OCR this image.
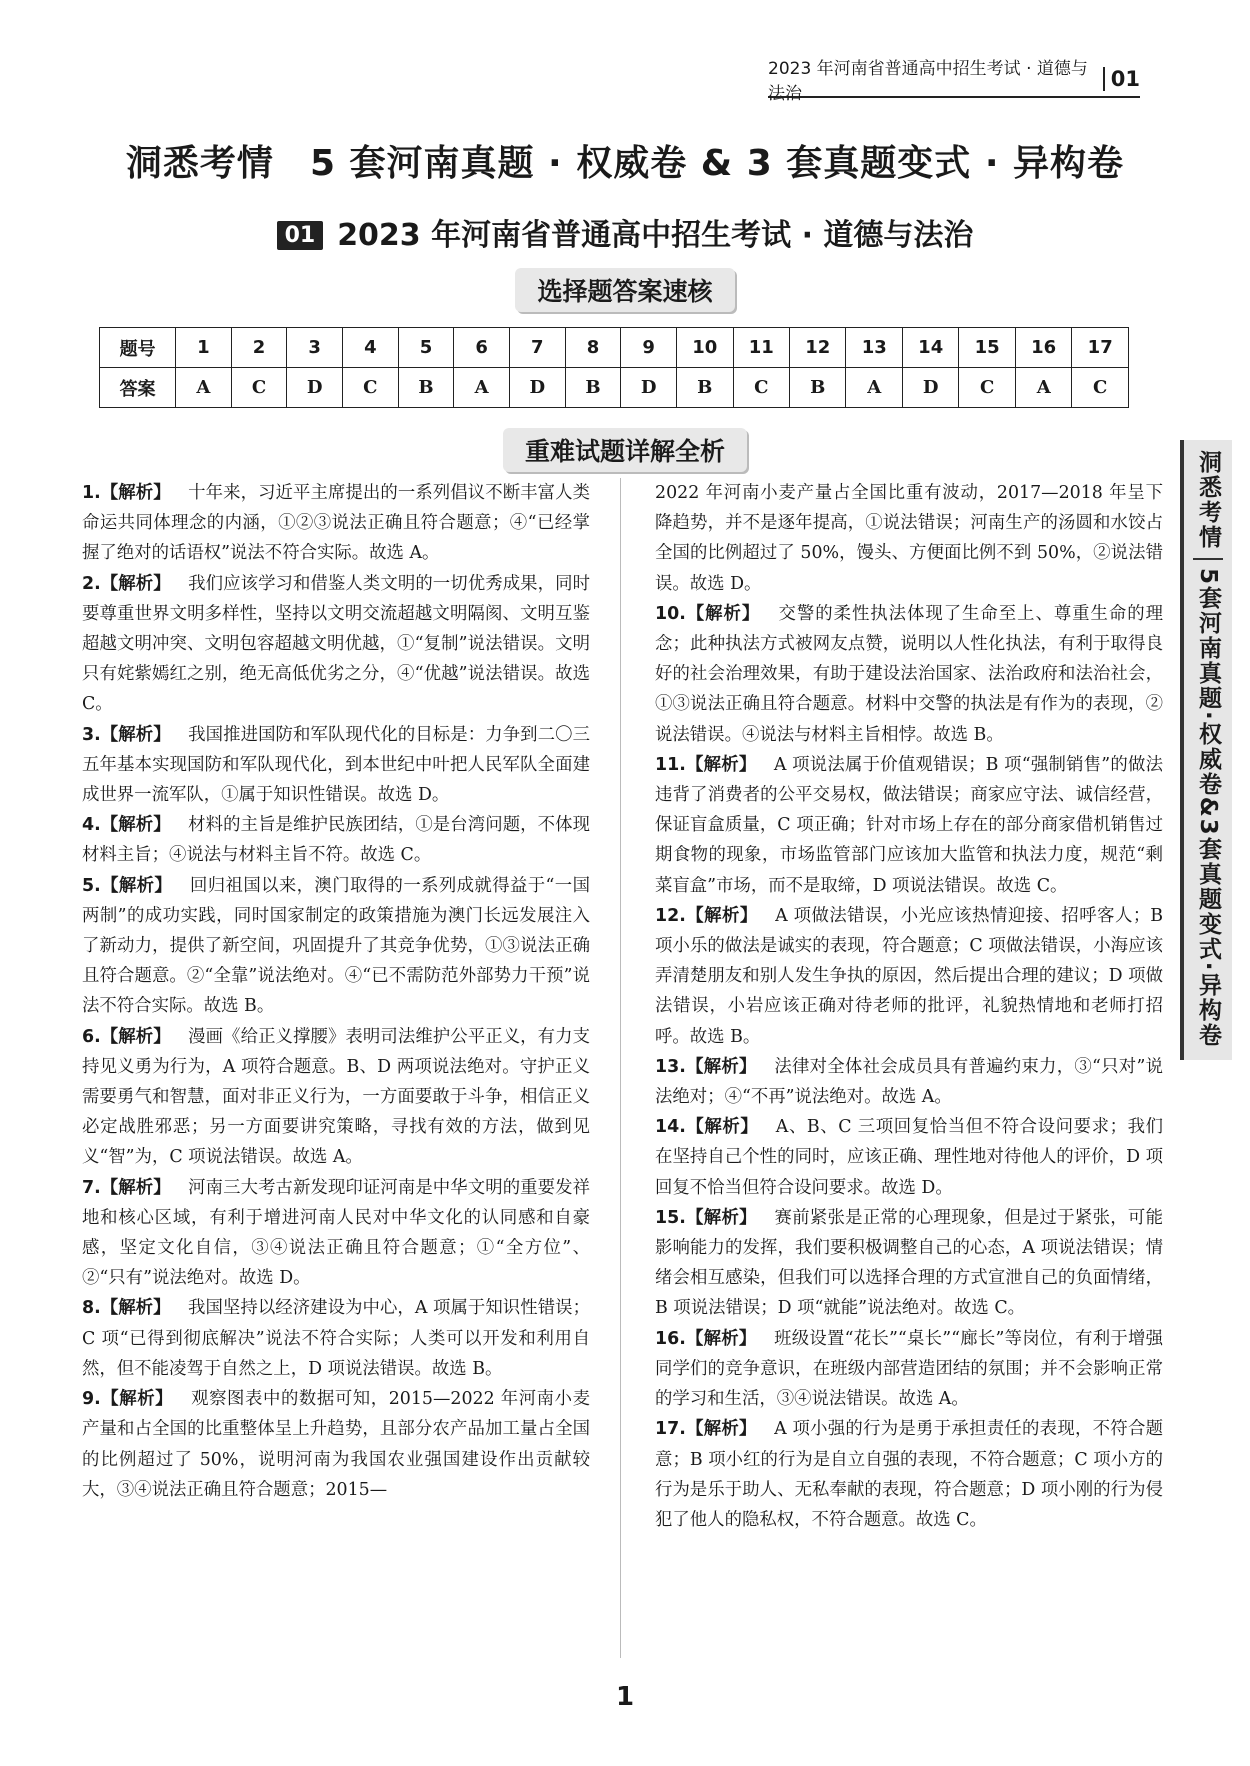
2023 年河南省普通高中招生考试 · 道德与法治
01
洞悉考情 5 套河南真题 · 权威卷 & 3 套真题变式 · 异构卷
01 2023 年河南省普通高中招生考试 · 道德与法治
选择题答案速核
题号	1	2	3	4	5	6	7	8	9	10	11	12	13	14	15	16	17
答案	A	C	D	C	B	A	D	B	D	B	C	B	A	D	C	A	C
重难试题详解全析

1.【解析】  十年来，习近平主席提出的一系列倡议不断丰富人类命运共同体理念的内涵，①②③说法正确且符合题意；④“已经掌握了绝对的话语权”说法不符合实际。故选 A。

2.【解析】  我们应该学习和借鉴人类文明的一切优秀成果，同时要尊重世界文明多样性，坚持以文明交流超越文明隔阂、文明互鉴超越文明冲突、文明包容超越文明优越，①“复制”说法错误。文明只有姹紫嫣红之别，绝无高低优劣之分，④“优越”说法错误。故选 C。

3.【解析】  我国推进国防和军队现代化的目标是：力争到二〇三五年基本实现国防和军队现代化，到本世纪中叶把人民军队全面建成世界一流军队，①属于知识性错误。故选 D。

4.【解析】  材料的主旨是维护民族团结，①是台湾问题，不体现材料主旨；④说法与材料主旨不符。故选 C。

5.【解析】  回归祖国以来，澳门取得的一系列成就得益于“一国两制”的成功实践，同时国家制定的政策措施为澳门长远发展注入了新动力，提供了新空间，巩固提升了其竞争优势，①③说法正确且符合题意。②“全靠”说法绝对。④“已不需防范外部势力干预”说法不符合实际。故选 B。

6.【解析】  漫画《给正义撑腰》表明司法维护公平正义，有力支持见义勇为行为，A 项符合题意。B、D 两项说法绝对。守护正义需要勇气和智慧，面对非正义行为，一方面要敢于斗争，相信正义必定战胜邪恶；另一方面要讲究策略，寻找有效的方法，做到见义“智”为，C 项说法错误。故选 A。

7.【解析】  河南三大考古新发现印证河南是中华文明的重要发祥地和核心区域，有利于增进河南人民对中华文化的认同感和自豪感，坚定文化自信，③④说法正确且符合题意；①“全方位”、②“只有”说法绝对。故选 D。

8.【解析】  我国坚持以经济建设为中心，A 项属于知识性错误；C 项“已得到彻底解决”说法不符合实际；人类可以开发和利用自然，但不能凌驾于自然之上，D 项说法错误。故选 B。

9.【解析】  观察图表中的数据可知，2015—2022 年河南小麦产量和占全国的比重整体呈上升趋势，且部分农产品加工量占全国的比例超过了 50%，说明河南为我国农业强国建设作出贡献较大，③④说法正确且符合题意；2015—

2022 年河南小麦产量占全国比重有波动，2017—2018 年呈下降趋势，并不是逐年提高，①说法错误；河南生产的汤圆和水饺占全国的比例超过了 50%，馒头、方便面比例不到 50%，②说法错误。故选 D。

10.【解析】  交警的柔性执法体现了生命至上、尊重生命的理念；此种执法方式被网友点赞，说明以人性化执法，有利于取得良好的社会治理效果，有助于建设法治国家、法治政府和法治社会，①③说法正确且符合题意。材料中交警的执法是有作为的表现，②说法错误。④说法与材料主旨相悖。故选 B。

11.【解析】  A 项说法属于价值观错误；B 项“强制销售”的做法违背了消费者的公平交易权，做法错误；商家应守法、诚信经营，保证盲盒质量，C 项正确；针对市场上存在的部分商家借机销售过期食物的现象，市场监管部门应该加大监管和执法力度，规范“剩菜盲盒”市场，而不是取缔，D 项说法错误。故选 C。

12.【解析】  A 项做法错误，小光应该热情迎接、招呼客人；B 项小乐的做法是诚实的表现，符合题意；C 项做法错误，小海应该弄清楚朋友和别人发生争执的原因，然后提出合理的建议；D 项做法错误，小岩应该正确对待老师的批评，礼貌热情地和老师打招呼。故选 B。

13.【解析】  法律对全体社会成员具有普遍约束力，③“只对”说法绝对；④“不再”说法绝对。故选 A。

14.【解析】  A、B、C 三项回复恰当但不符合设问要求；我们在坚持自己个性的同时，应该正确、理性地对待他人的评价，D 项回复不恰当但符合设问要求。故选 D。

15.【解析】  赛前紧张是正常的心理现象，但是过于紧张，可能影响能力的发挥，我们要积极调整自己的心态，A 项说法错误；情绪会相互感染，但我们可以选择合理的方式宣泄自己的负面情绪，B 项说法错误；D 项“就能”说法绝对。故选 C。

16.【解析】  班级设置“花长”“桌长”“廊长”等岗位，有利于增强同学们的竞争意识，在班级内部营造团结的氛围；并不会影响正常的学习和生活，③④说法错误。故选 A。

17.【解析】  A 项小强的行为是勇于承担责任的表现，不符合题意；B 项小红的行为是自立自强的表现，不符合题意；C 项小方的行为是乐于助人、无私奉献的表现，符合题意；D 项小刚的行为侵犯了他人的隐私权，不符合题意。故选 C。

洞悉考情
5套河南真题·权威卷&3套真题变式·异构卷
1
